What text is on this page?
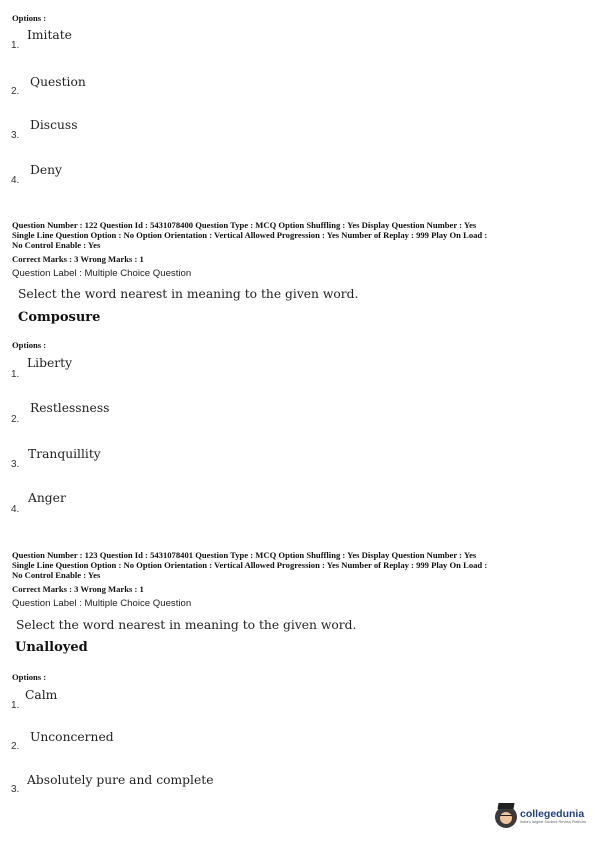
Options :
Imitate
1.
Question
2.
Discuss
3.
Deny
4.
Question Number : 122 Question Id : 5431078400 Question Type : MCQ Option Shuffling : Yes Display Question Number : Yes
Single Line Question Option : No Option Orientation : Vertical Allowed Progression : Yes Number of Replay : 999 Play On Load :
No Control Enable : Yes
Correct Marks : 3 Wrong Marks : 1
Question Label : Multiple Choice Question
Select the word nearest in meaning to the given word.
Composure
Options :
Liberty
1.
Restlessness
2.
Tranquillity
3.
Anger
4.
Question Number : 123 Question Id : 5431078401 Question Type : MCQ Option Shuffling : Yes Display Question Number : Yes
Single Line Question Option : No Option Orientation : Vertical Allowed Progression : Yes Number of Replay : 999 Play On Load :
No Control Enable : Yes
Correct Marks : 3 Wrong Marks : 1
Question Label : Multiple Choice Question
Select the word nearest in meaning to the given word.
Unalloyed
Options :
Calm
1.
Unconcerned
2.
Absolutely pure and complete
3.
collegedunia
India's largest Student Review Platform
